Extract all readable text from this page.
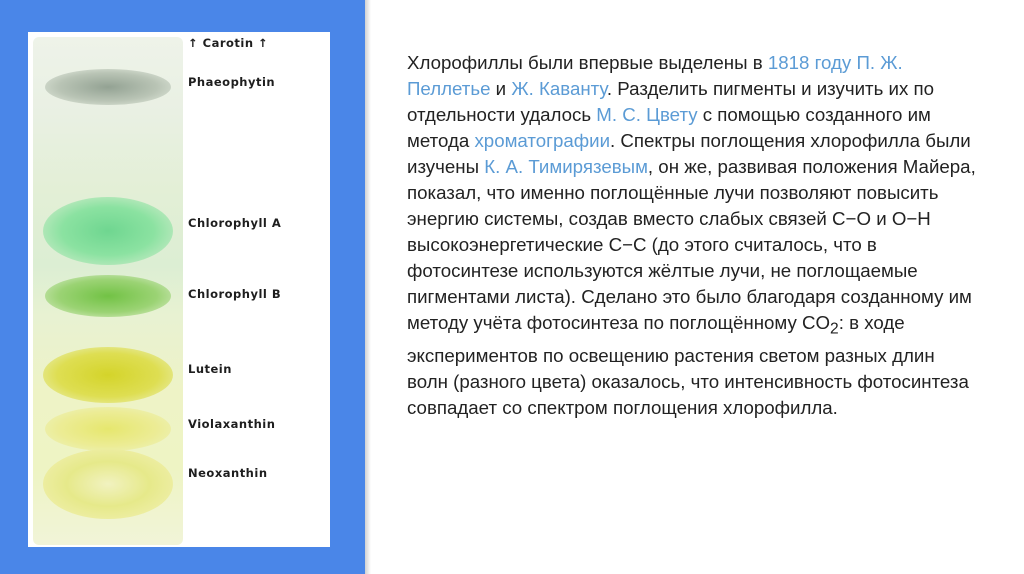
↑ Carotin ↑
Phaeophytin
Chlorophyll A
Chlorophyll B
Lutein
Violaxanthin
Neoxanthin
Хлорофиллы были впервые выделены в 1818 году П. Ж. Пеллетье и Ж. Каванту. Разделить пигменты и изучить их по отдельности удалось М. С. Цвету с помощью созданного им метода хроматографии. Спектры поглощения хлорофилла были изучены К. А. Тимирязевым, он же, развивая положения Майера, показал, что именно поглощённые лучи позволяют повысить энергию системы, создав вместо слабых связей С−О и О−Н высокоэнергетические С−С (до этого считалось, что в фотосинтезе используются жёлтые лучи, не поглощаемые пигментами листа). Сделано это было благодаря созданному им методу учёта фотосинтеза по поглощённому $CO_2$: в ходе экспериментов по освещению растения светом разных длин волн (разного цвета) оказалось, что интенсивность фотосинтеза совпадает со спектром поглощения хлорофилла.
